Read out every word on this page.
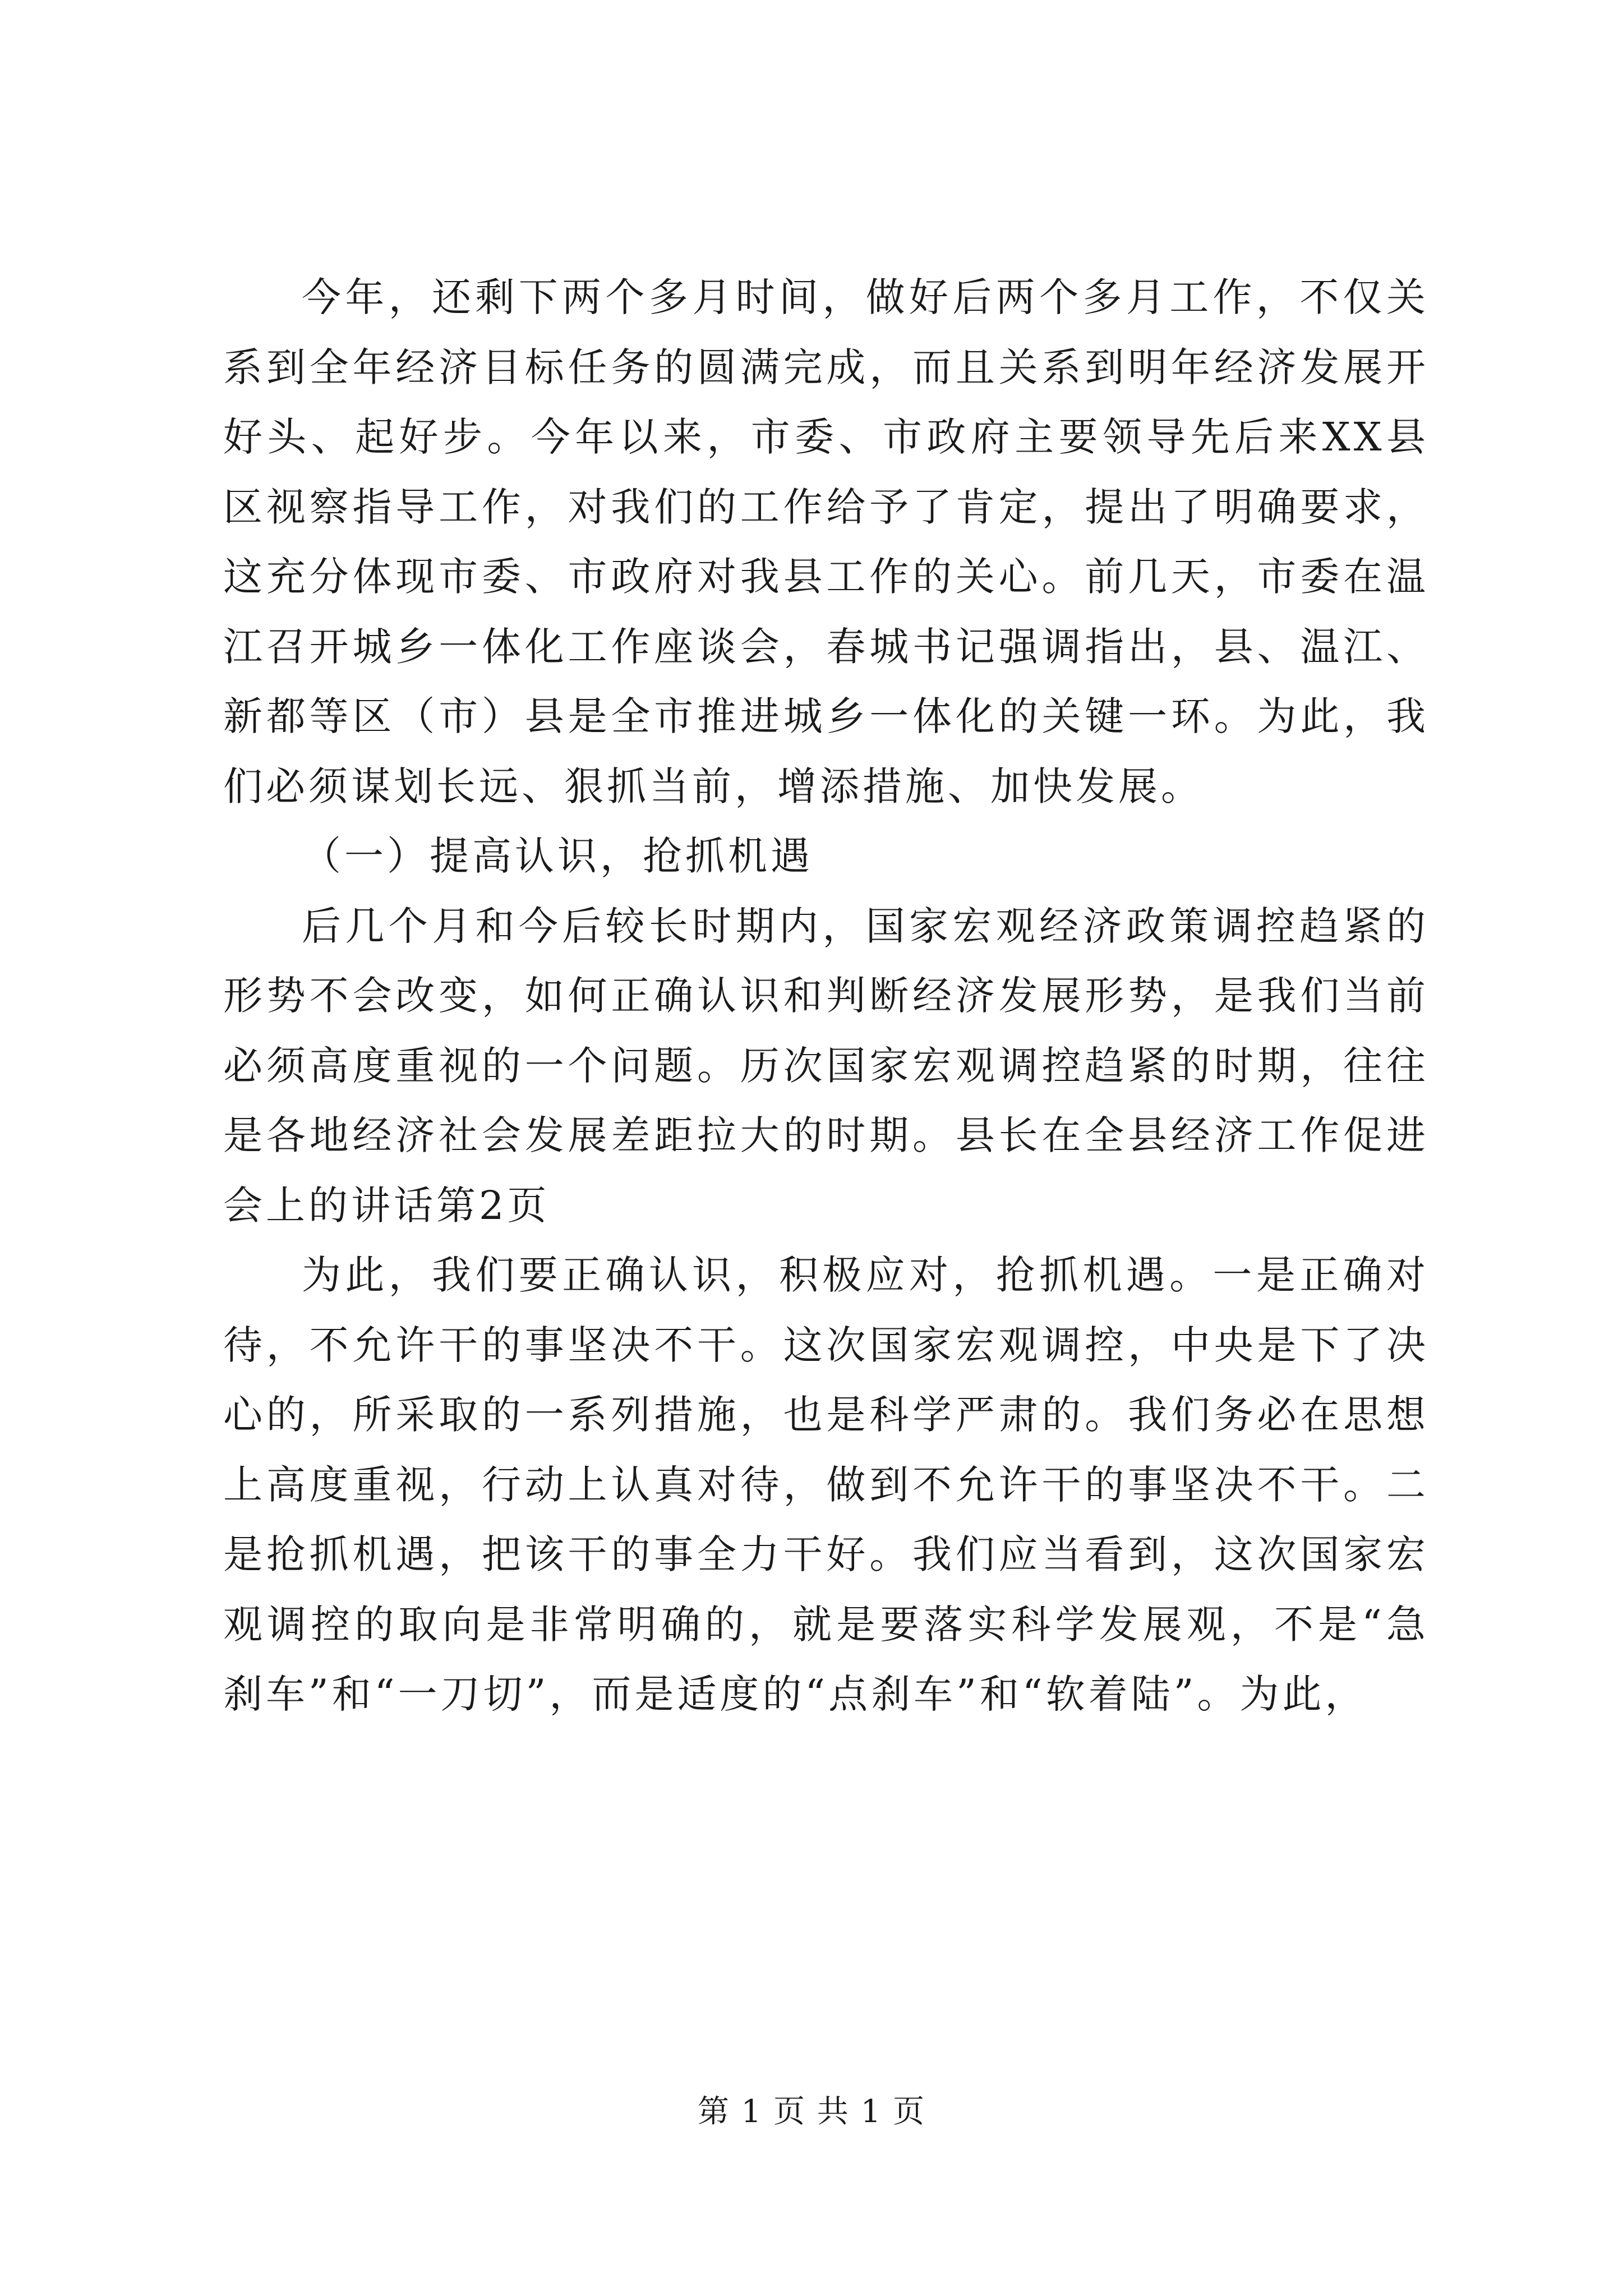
今年，还剩下两个多月时间，做好后两个多月工作，不仅关系到全年经济目标任务的圆满完成，而且关系到明年经济发展开好头、起好步。今年以来，市委、市政府主要领导先后来XX县区视察指导工作，对我们的工作给予了肯定，提出了明确要求，这充分体现市委、市政府对我县工作的关心。前几天，市委在温江召开城乡一体化工作座谈会，春城书记强调指出，县、温江、新都等区（市）县是全市推进城乡一体化的关键一环。为此，我们必须谋划长远、狠抓当前，增添措施、加快发展。

（一）提高认识，抢抓机遇

后几个月和今后较长时期内，国家宏观经济政策调控趋紧的形势不会改变，如何正确认识和判断经济发展形势，是我们当前必须高度重视的一个问题。历次国家宏观调控趋紧的时期，往往是各地经济社会发展差距拉大的时期。县长在全县经济工作促进会上的讲话第2页

为此，我们要正确认识，积极应对，抢抓机遇。一是正确对待，不允许干的事坚决不干。这次国家宏观调控，中央是下了决心的，所采取的一系列措施，也是科学严肃的。我们务必在思想上高度重视，行动上认真对待，做到不允许干的事坚决不干。二是抢抓机遇，把该干的事全力干好。我们应当看到，这次国家宏观调控的取向是非常明确的，就是要落实科学发展观，不是“急刹车”和“一刀切”，而是适度的“点刹车”和“软着陆”。为此，

第 1 页 共 1 页
